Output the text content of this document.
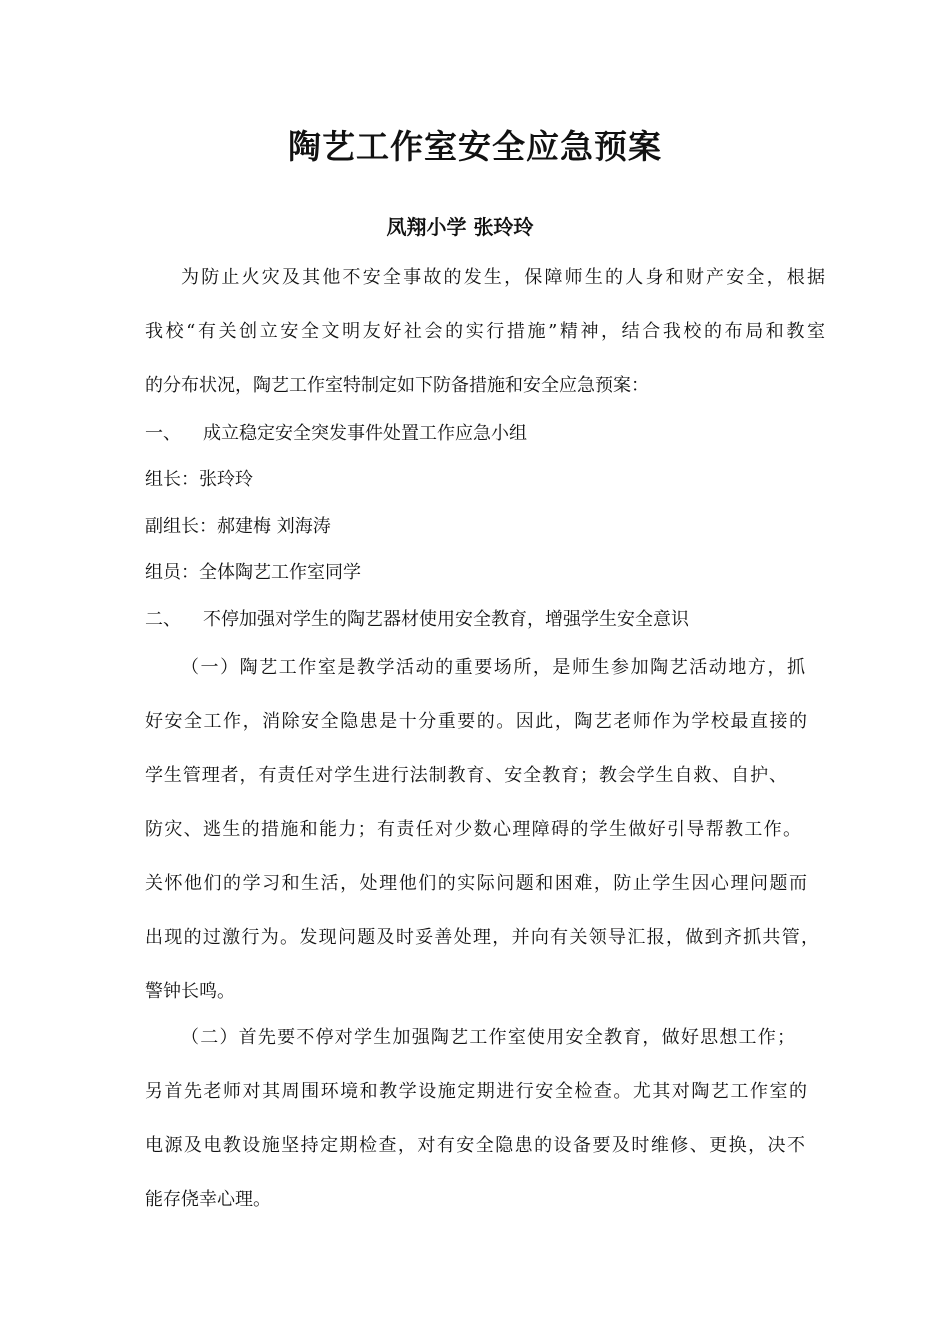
陶艺工作室安全应急预案
凤翔小学 张玲玲
为防止火灾及其他不安全事故的发生，保障师生的人身和财产安全，根据
我校“有关创立安全文明友好社会的实行措施”精神，结合我校的布局和教室
的分布状况，陶艺工作室特制定如下防备措施和安全应急预案：
一、 成立稳定安全突发事件处置工作应急小组
组长：张玲玲
副组长：郝建梅 刘海涛
组员：全体陶艺工作室同学
二、 不停加强对学生的陶艺器材使用安全教育，增强学生安全意识
（一）陶艺工作室是教学活动的重要场所，是师生参加陶艺活动地方，抓
好安全工作，消除安全隐患是十分重要的。因此，陶艺老师作为学校最直接的
学生管理者，有责任对学生进行法制教育、安全教育；教会学生自救、自护、
防灾、逃生的措施和能力；有责任对少数心理障碍的学生做好引导帮教工作。
关怀他们的学习和生活，处理他们的实际问题和困难，防止学生因心理问题而
出现的过激行为。发现问题及时妥善处理，并向有关领导汇报，做到齐抓共管，
警钟长鸣。
（二）首先要不停对学生加强陶艺工作室使用安全教育，做好思想工作；
另首先老师对其周围环境和教学设施定期进行安全检查。尤其对陶艺工作室的
电源及电教设施坚持定期检查，对有安全隐患的设备要及时维修、更换，决不
能存侥幸心理。
